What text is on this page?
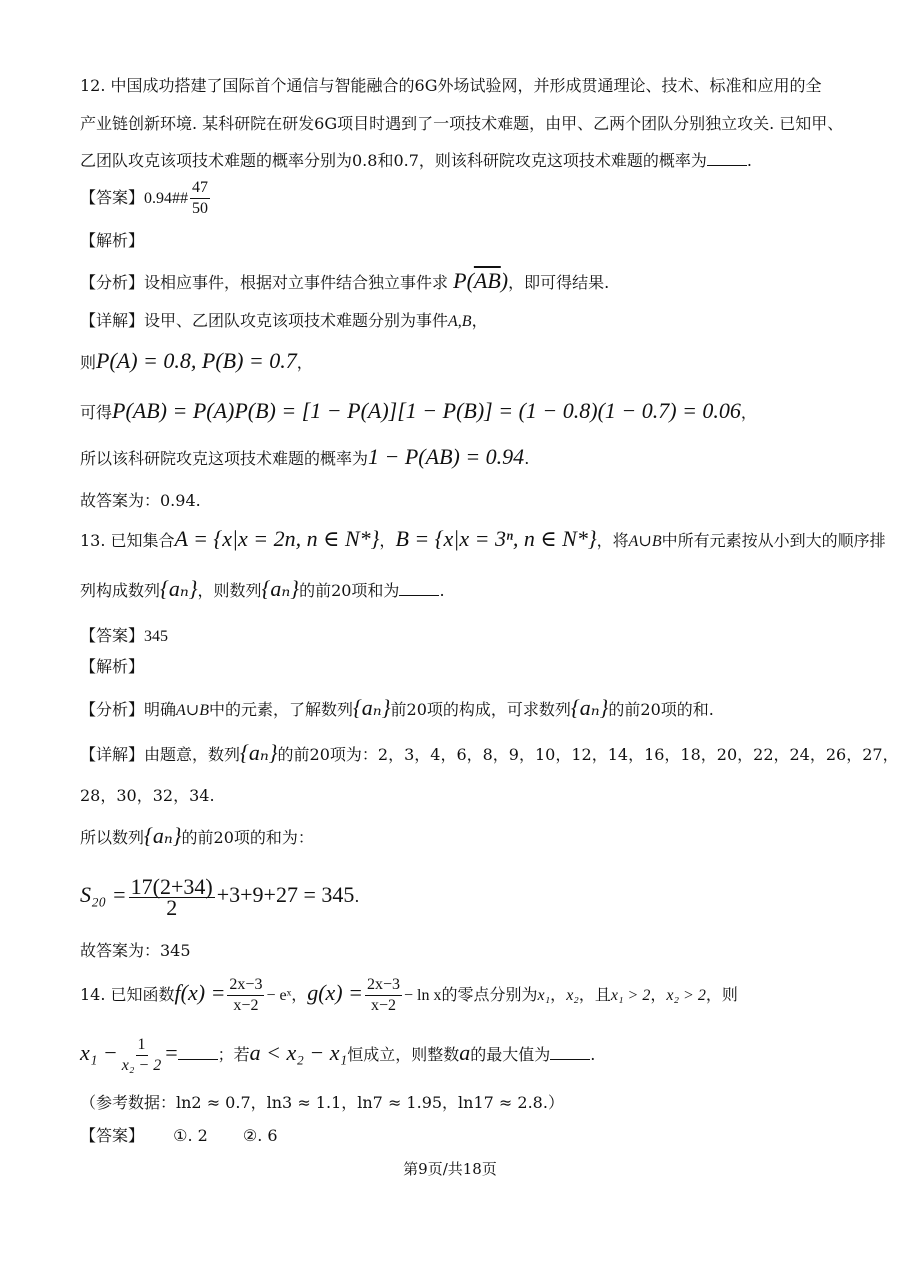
12. 中国成功搭建了国际首个通信与智能融合的6G外场试验网，并形成贯通理论、技术、标准和应用的全
产业链创新环境. 某科研院在研发6G项目时遇到了一项技术难题，由甲、乙两个团队分别独立攻关. 已知甲、
乙团队攻克该项技术难题的概率分别为0.8和0.7，则该科研院攻克这项技术难题的概率为	.
【答案】0.94## $\frac{47}{50}$
【解析】
【分析】设相应事件，根据对立事件结合独立事件求 $P(\overline{AB})$，即可得结果.
【详解】设甲、乙团队攻克该项技术难题分别为事件A,B，
则P(A) = 0.8, P(B) = 0.7，
可得P(AB) = P(A)P(B) = [1 − P(A)][1 − P(B)] = (1 − 0.8)(1 − 0.7) = 0.06，
所以该科研院攻克这项技术难题的概率为1 − P(AB) = 0.94.
故答案为：0.94.
13. 已知集合A = {x|x = 2n, n ∈ N*}，B = {x|x = 3ⁿ, n ∈ N*}，将A∪B中所有元素按从小到大的顺序排
列构成数列{aₙ}，则数列{aₙ}的前20项和为	.
【答案】345
【解析】
【分析】明确A∪B中的元素，了解数列{aₙ}前20项的构成，可求数列{aₙ}的前20项的和.
【详解】由题意，数列{aₙ}的前20项为：2，3，4，6，8，9，10，12，14，16，18，20，22，24，26，27，
28，30，32，34.
所以数列{aₙ}的前20项的和为：
$S_{20} = \frac{17(2+34)}{2} +3+9+27 = 345$.
故答案为：345
14. 已知函数$f(x) = \frac{2x-3}{x-2}$ − eˣ，$g(x) = \frac{2x-3}{x-2} - \ln x$的零点分别为x₁，x₂，且x₁ > 2，x₂ > 2，则
$x_1 - \frac{1}{\text{x₂ − 2}}$ =	；若a < x₂ − x₁恒成立，则整数a的最大值为	.
（参考数据：ln2 ≈ 0.7，ln3 ≈ 1.1，ln7 ≈ 1.95，ln17 ≈ 2.8.）
【答案】 ①. 2 ②. 6
第9页/共18页
